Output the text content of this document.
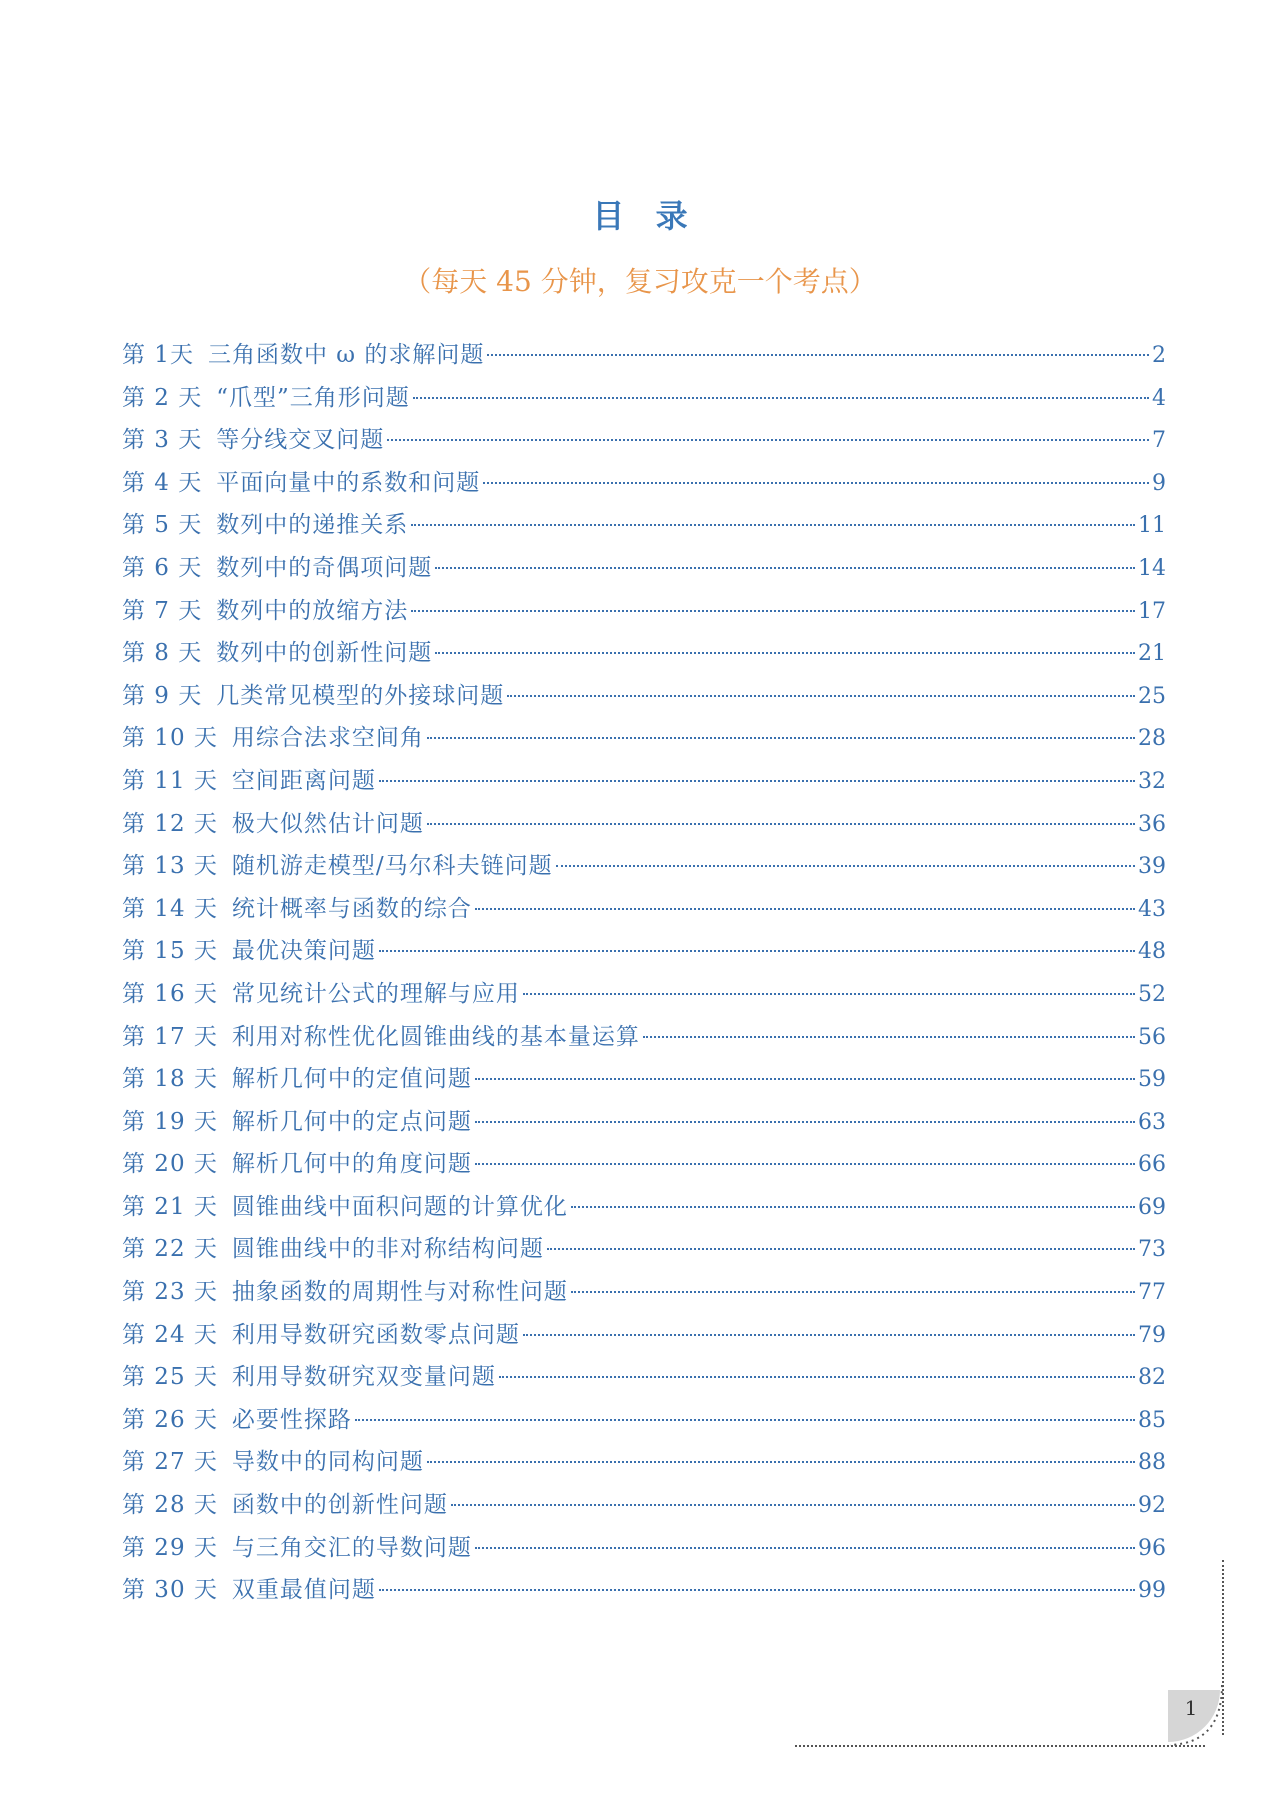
目 录
（每天 45 分钟，复习攻克一个考点）
第 1天 三角函数中 ω 的求解问题	2
第 2 天 “爪型”三角形问题	4
第 3 天 等分线交叉问题	7
第 4 天 平面向量中的系数和问题	9
第 5 天 数列中的递推关系	11
第 6 天 数列中的奇偶项问题	14
第 7 天 数列中的放缩方法	17
第 8 天 数列中的创新性问题	21
第 9 天 几类常见模型的外接球问题	25
第 10 天 用综合法求空间角	28
第 11 天 空间距离问题	32
第 12 天 极大似然估计问题	36
第 13 天 随机游走模型/马尔科夫链问题	39
第 14 天 统计概率与函数的综合	43
第 15 天 最优决策问题	48
第 16 天 常见统计公式的理解与应用	52
第 17 天 利用对称性优化圆锥曲线的基本量运算	56
第 18 天 解析几何中的定值问题	59
第 19 天 解析几何中的定点问题	63
第 20 天 解析几何中的角度问题	66
第 21 天 圆锥曲线中面积问题的计算优化	69
第 22 天 圆锥曲线中的非对称结构问题	73
第 23 天 抽象函数的周期性与对称性问题	77
第 24 天 利用导数研究函数零点问题	79
第 25 天 利用导数研究双变量问题	82
第 26 天 必要性探路	85
第 27 天 导数中的同构问题	88
第 28 天 函数中的创新性问题	92
第 29 天 与三角交汇的导数问题	96
第 30 天 双重最值问题	99
1
